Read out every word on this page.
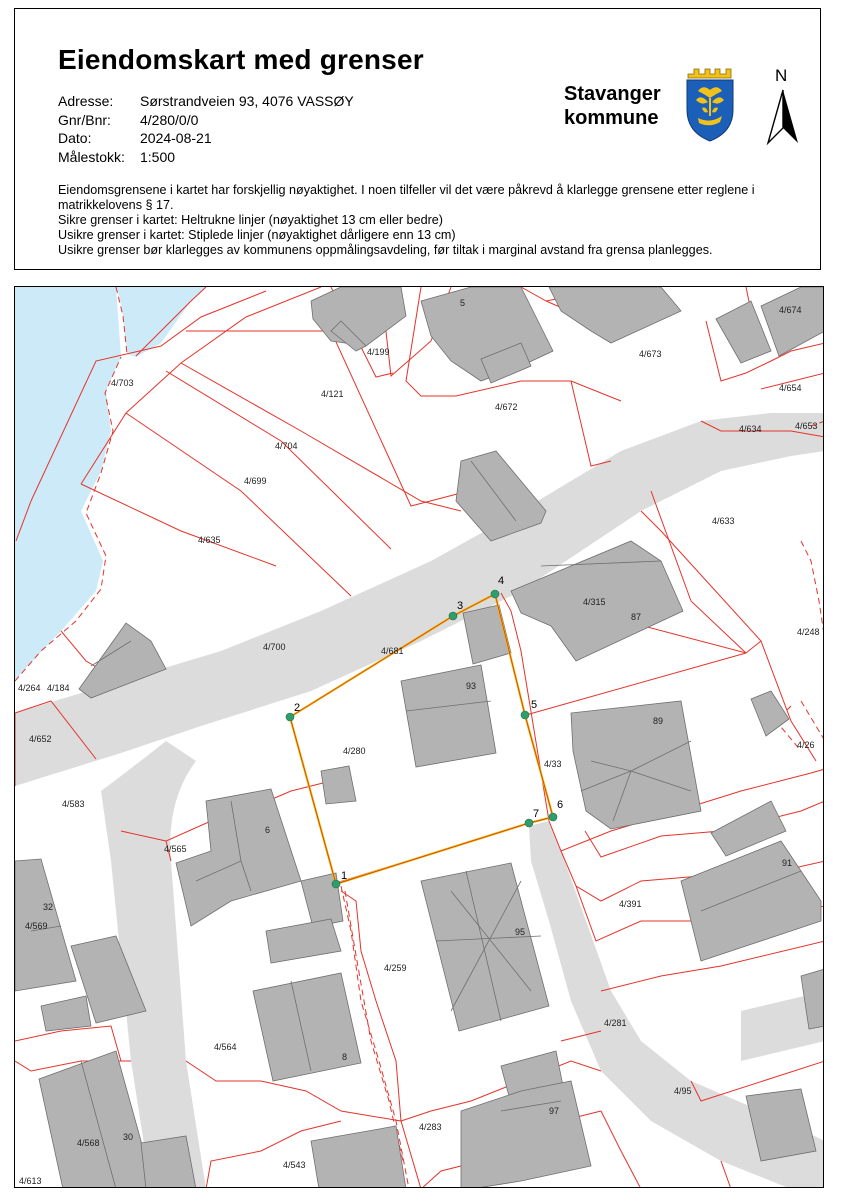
Eiendomskart med grenser
Adresse:	Sørstrandveien 93, 4076 VASSØY
Gnr/Bnr:	4/280/0/0
Dato:	2024-08-21
Målestokk:	1:500
Eiendomsgrensene i kartet har forskjellig nøyaktighet. I noen tilfeller vil det være påkrevd å klarlegge grensene etter reglene i matrikkelovens § 17.
Sikre grenser i kartet: Heltrukne linjer (nøyaktighet 13 cm eller bedre)
Usikre grenser i kartet: Stiplede linjer (nøyaktighet dårligere enn 13 cm)
Usikre grenser bør klarlegges av kommunens oppmålingsavdeling, før tiltak i marginal avstand fra grensa planlegges.
Stavanger
kommune
N
1
2
3
4
5
6
7
4/199
4/674
4/673
4/654
4/703
4/121
4/672
4/704
4/634	4/653
4/699
4/633
4/635
4/315
4/248
4/700	4/681
4/264 4/184
4/652
4/280
4/26
4/33
4/583
4/565
4/569
4/391
4/259
4/281
4/564
4/95
4/568
4/283
4/543
4/613
5
87
93
89
6
91
32
95
8
97
30
